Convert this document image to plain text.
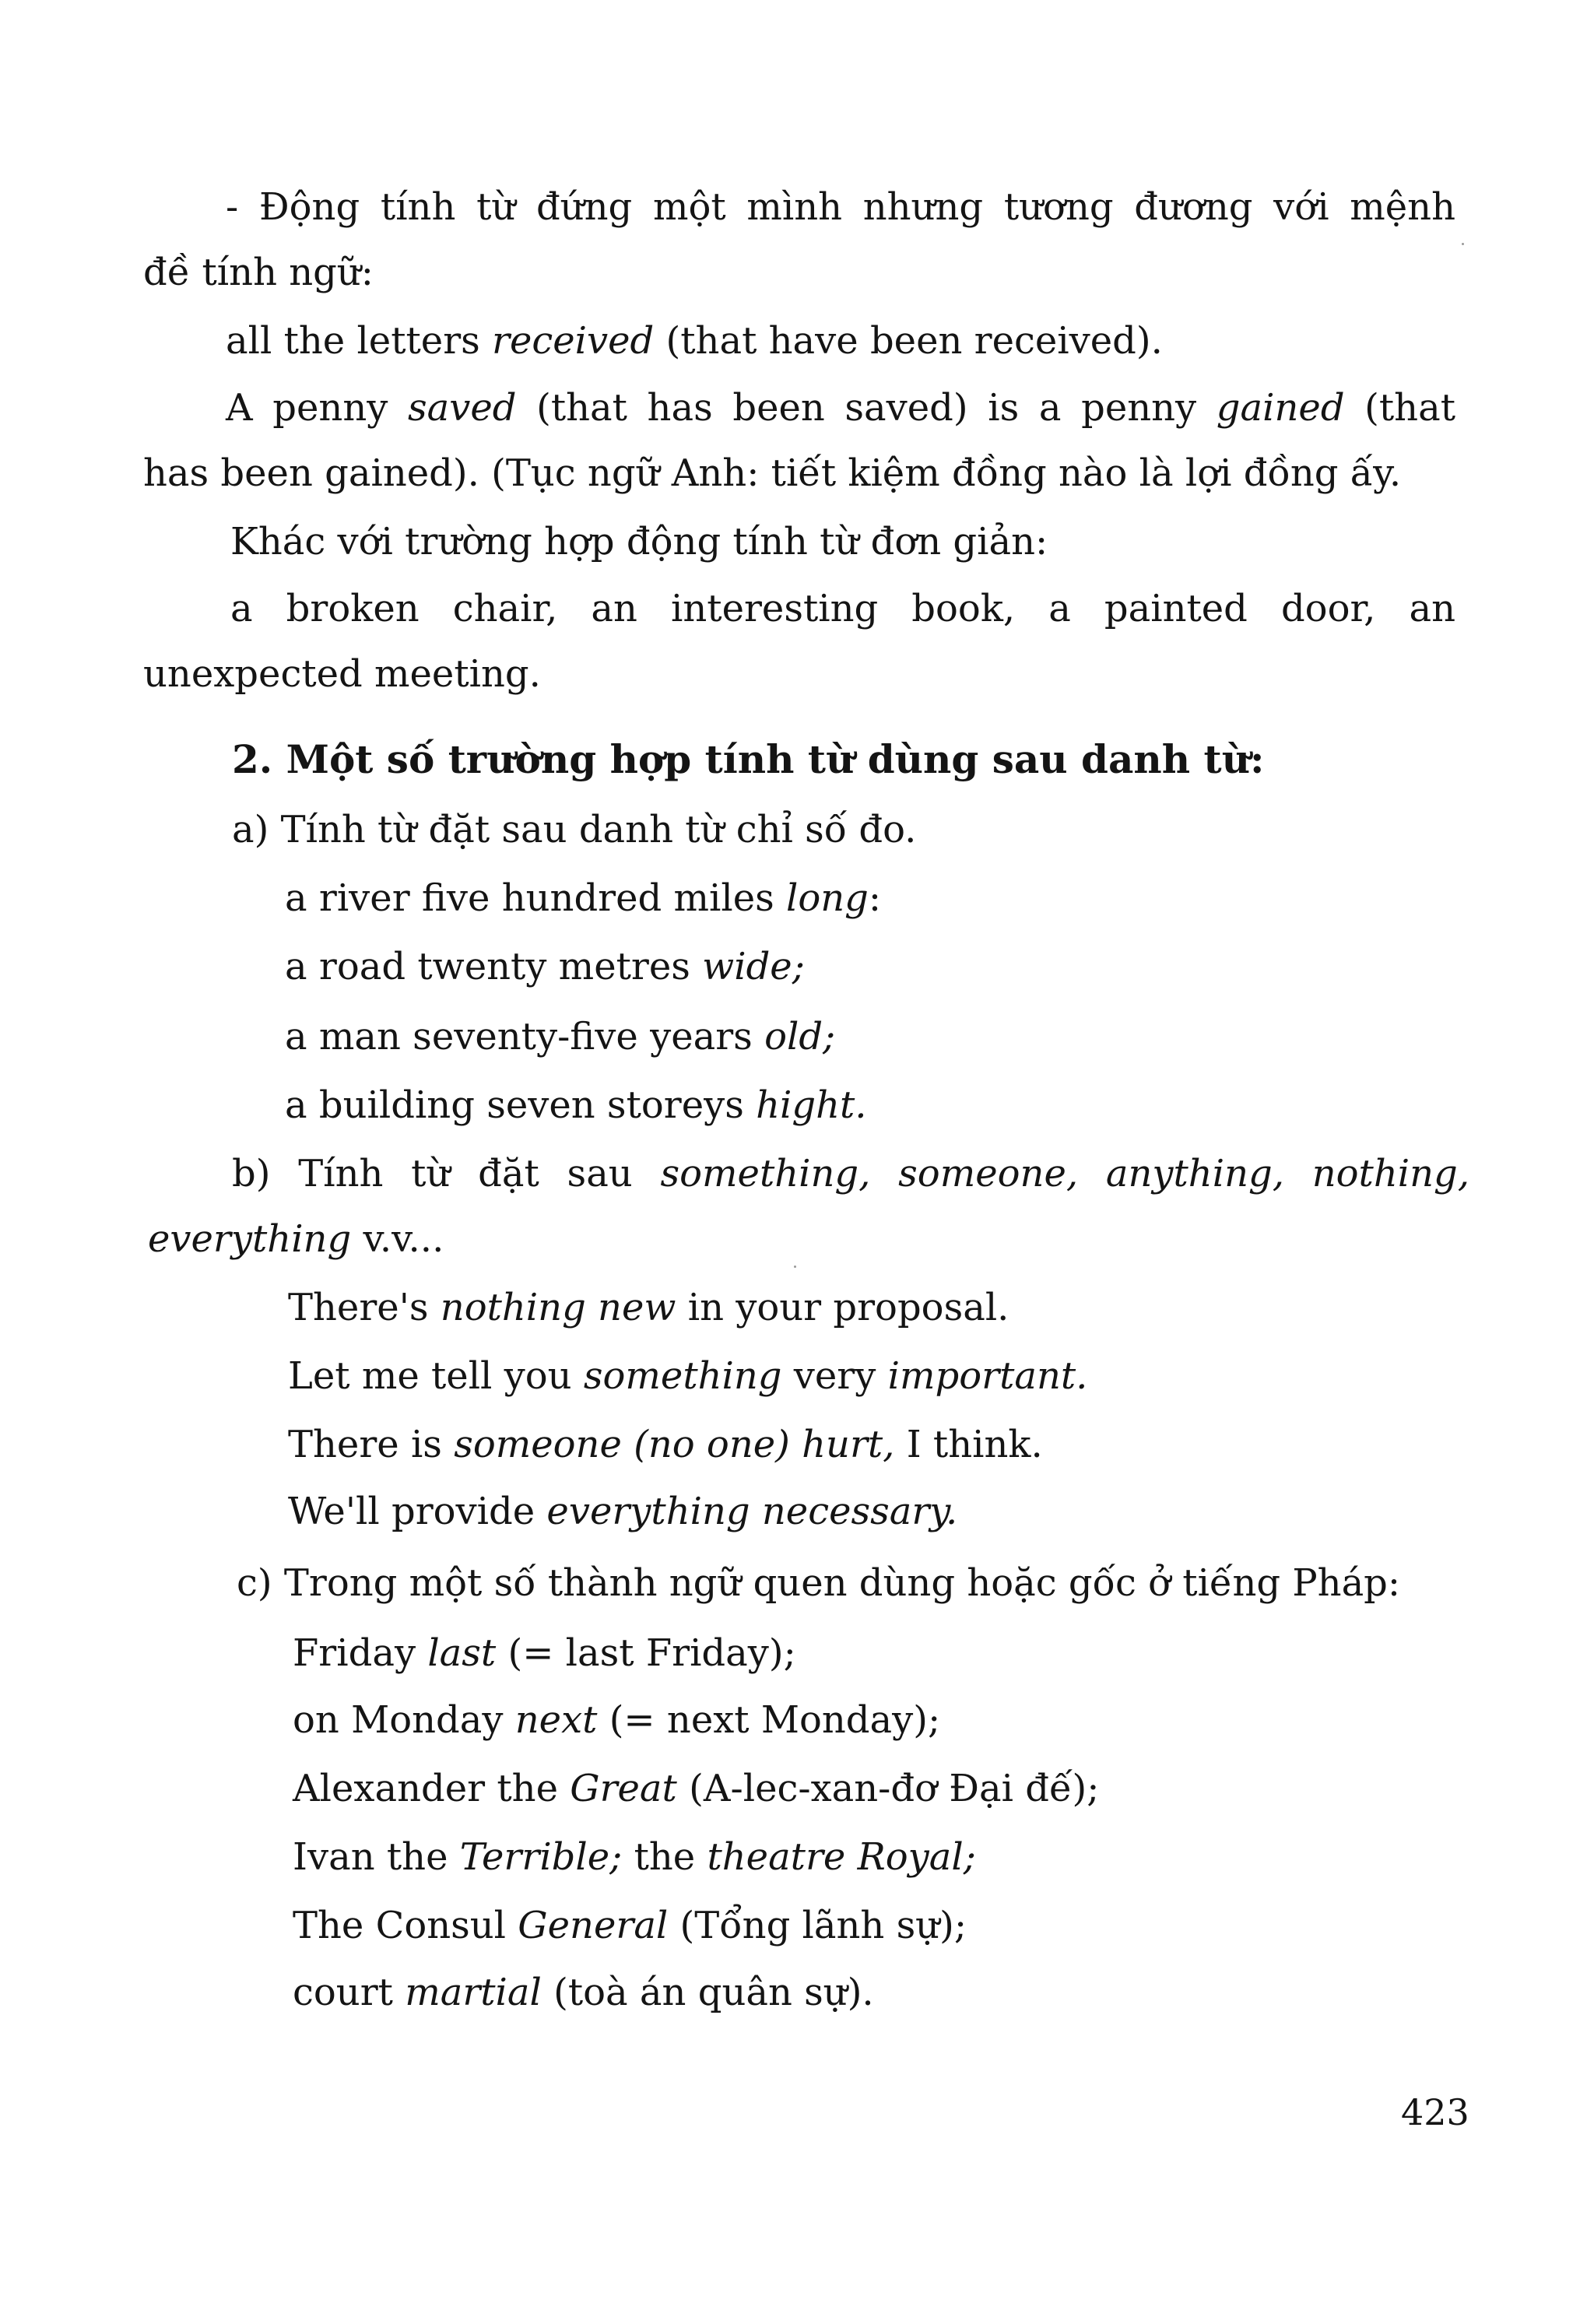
- Động tính từ đứng một mình nhưng tương đương với mệnh
đề tính ngữ:
all the letters received (that have been received).
A penny saved (that has been saved) is a penny gained (that
has been gained). (Tục ngữ Anh: tiết kiệm đồng nào là lợi đồng ấy.
Khác với trường hợp động tính từ đơn giản:
a broken chair, an interesting book, a painted door, an
unexpected meeting.
2. Một số trường hợp tính từ dùng sau danh từ:
a) Tính từ đặt sau danh từ chỉ số đo.
a river five hundred miles long:
a road twenty metres wide;
a man seventy-five years old;
a building seven storeys hight.
b) Tính từ đặt sau something, someone, anything, nothing,
everything v.v...
There's nothing new in your proposal.
Let me tell you something very important.
There is someone (no one) hurt, I think.
We'll provide everything necessary.
c) Trong một số thành ngữ quen dùng hoặc gốc ở tiếng Pháp:
Friday last (= last Friday);
on Monday next (= next Monday);
Alexander the Great (A-lec-xan-đơ Đại đế);
Ivan the Terrible; the theatre Royal;
The Consul General (Tổng lãnh sự);
court martial (toà án quân sự).
423
